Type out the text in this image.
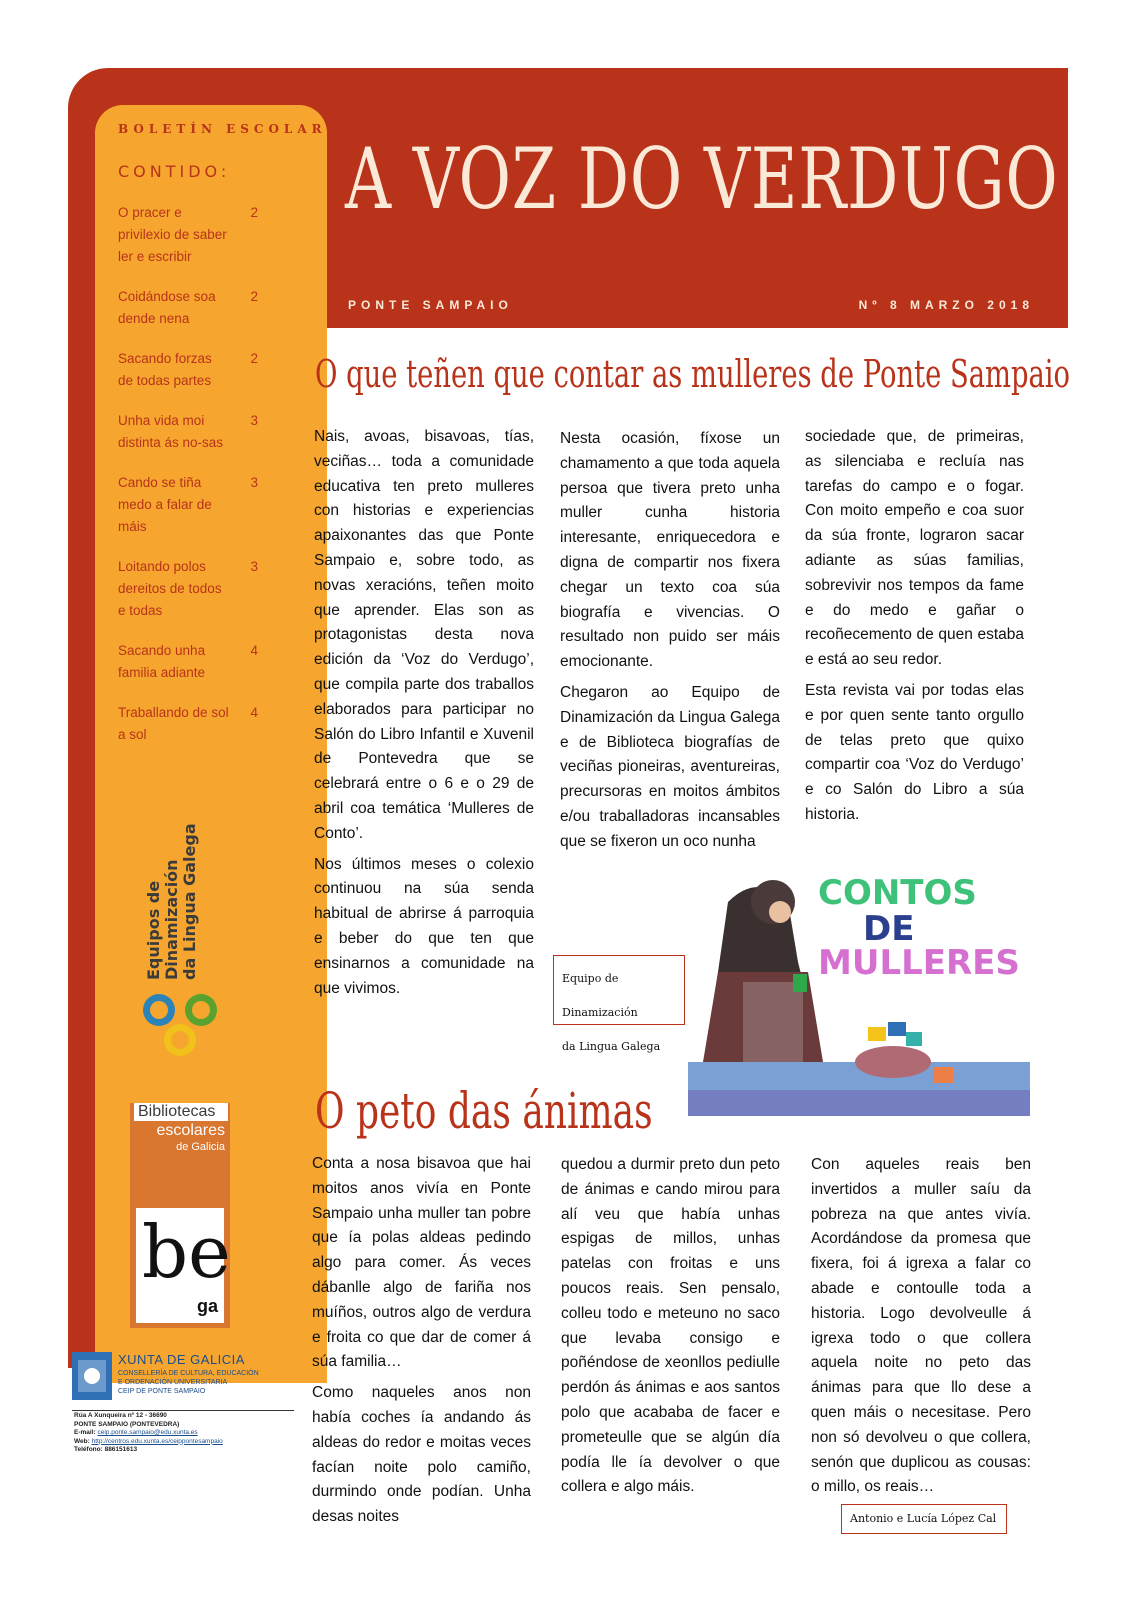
BOLETÍN ESCOLAR
CONTIDO:
O pracer e privilexio de saber ler e escribir
2
Coidándose soa dende nena
2
Sacando forzas de todas partes
2
Unha vida moi distinta ás no-sas
3
Cando se tiña medo a falar de máis
3
Loitando polos dereitos de todos e todas
3
Sacando unha familia adiante
4
Traballando de sol a sol
4
Equipos de Dinamización da Lingua Galega
Bibliotecas
escolares
de Galicia
be
ga
XUNTA DE GALICIA
CONSELLERÍA DE CULTURA, EDUCACIÓN
E ORDENACIÓN UNIVERSITARIA
CEIP DE PONTE SAMPAIO
Rúa A Xunqueira nº 12 - 36690
PONTE SAMPAIO (PONTEVEDRA)
E-mail: ceip.ponte.sampaio@edu.xunta.es
Web: http://centros.edu.xunta.es/ceippontesampaio
Teléfono: 886151613
A VOZ DO VERDUGO
PONTE SAMPAIO	Nº 8 MARZO 2018
O que teñen que contar as mulleres de Ponte Sampaio

Nais, avoas, bisavoas, tías, veciñas… toda a comunidade educativa ten preto mulleres con historias e experiencias apaixonantes das que Ponte Sampaio e, sobre todo, as novas xeracións, teñen moito que aprender. Elas son as protagonistas desta nova edición da ‘Voz do Verdugo’, que compila parte dos traballos elaborados para participar no Salón do Libro Infantil e Xuvenil de Pontevedra que se celebrará entre o 6 e o 29 de abril coa temática ‘Mulleres de Conto’.

Nos últimos meses o colexio continuou na súa senda habitual de abrirse á parroquia e beber do que ten que ensinarnos a comunidade na que vivimos.

Nesta ocasión, fíxose un chamamento a que toda aquela persoa que tivera preto unha muller cunha historia interesante, enriquecedora e digna de compartir nos fixera chegar un texto coa súa biografía e vivencias. O resultado non puido ser máis emocionante.

Chegaron ao Equipo de Dinamización da Lingua Galega e de Biblioteca biografías de veciñas pioneiras, aventureiras, precursoras en moitos ámbitos e/ou traballadoras incansables que se fixeron un oco nunha

sociedade que, de primeiras, as silenciaba e recluía nas tarefas do campo e o fogar. Con moito empeño e coa suor da súa fronte, lograron sacar adiante as súas familias, sobrevivir nos tempos da fame e do medo e gañar o recoñecemento de quen estaba e está ao seu redor.

Esta revista vai por todas elas e por quen sente tanto orgullo de telas preto que quixo compartir coa ‘Voz do Verdugo’ e co Salón do Libro a súa historia.

Equipo de Dinamización
da Lingua Galega
CONTOS
DE
MULLERES
O peto das ánimas

Conta a nosa bisavoa que hai moitos anos vivía en Ponte Sampaio unha muller tan pobre que ía polas aldeas pedindo algo para comer. Ás veces dábanlle algo de fariña nos muíños, outros algo de verdura e froita co que dar de comer á súa familia…

Como naqueles anos non había coches ía andando ás aldeas do redor e moitas veces facían noite polo camiño, durmindo onde podían. Unha desas noites

quedou a durmir preto dun peto de ánimas e cando mirou para alí veu que había unhas espigas de millos, unhas patelas con froitas e uns poucos reais. Sen pensalo, colleu todo e meteuno no saco que levaba consigo e poñéndose de xeonllos pediulle perdón ás ánimas e aos santos polo que acababa de facer e prometeulle que se algún día podía lle ía devolver o que collera e algo máis.

Con aqueles reais ben invertidos a muller saíu da pobreza na que antes vivía. Acordándose da promesa que fixera, foi á igrexa a falar co abade e contoulle toda a historia. Logo devolveulle á igrexa todo o que collera aquela noite no peto das ánimas para que llo dese a quen máis o necesitase. Pero non só devolveu o que collera, senón que duplicou as cousas: o millo, os reais…

Antonio e Lucía López Cal
